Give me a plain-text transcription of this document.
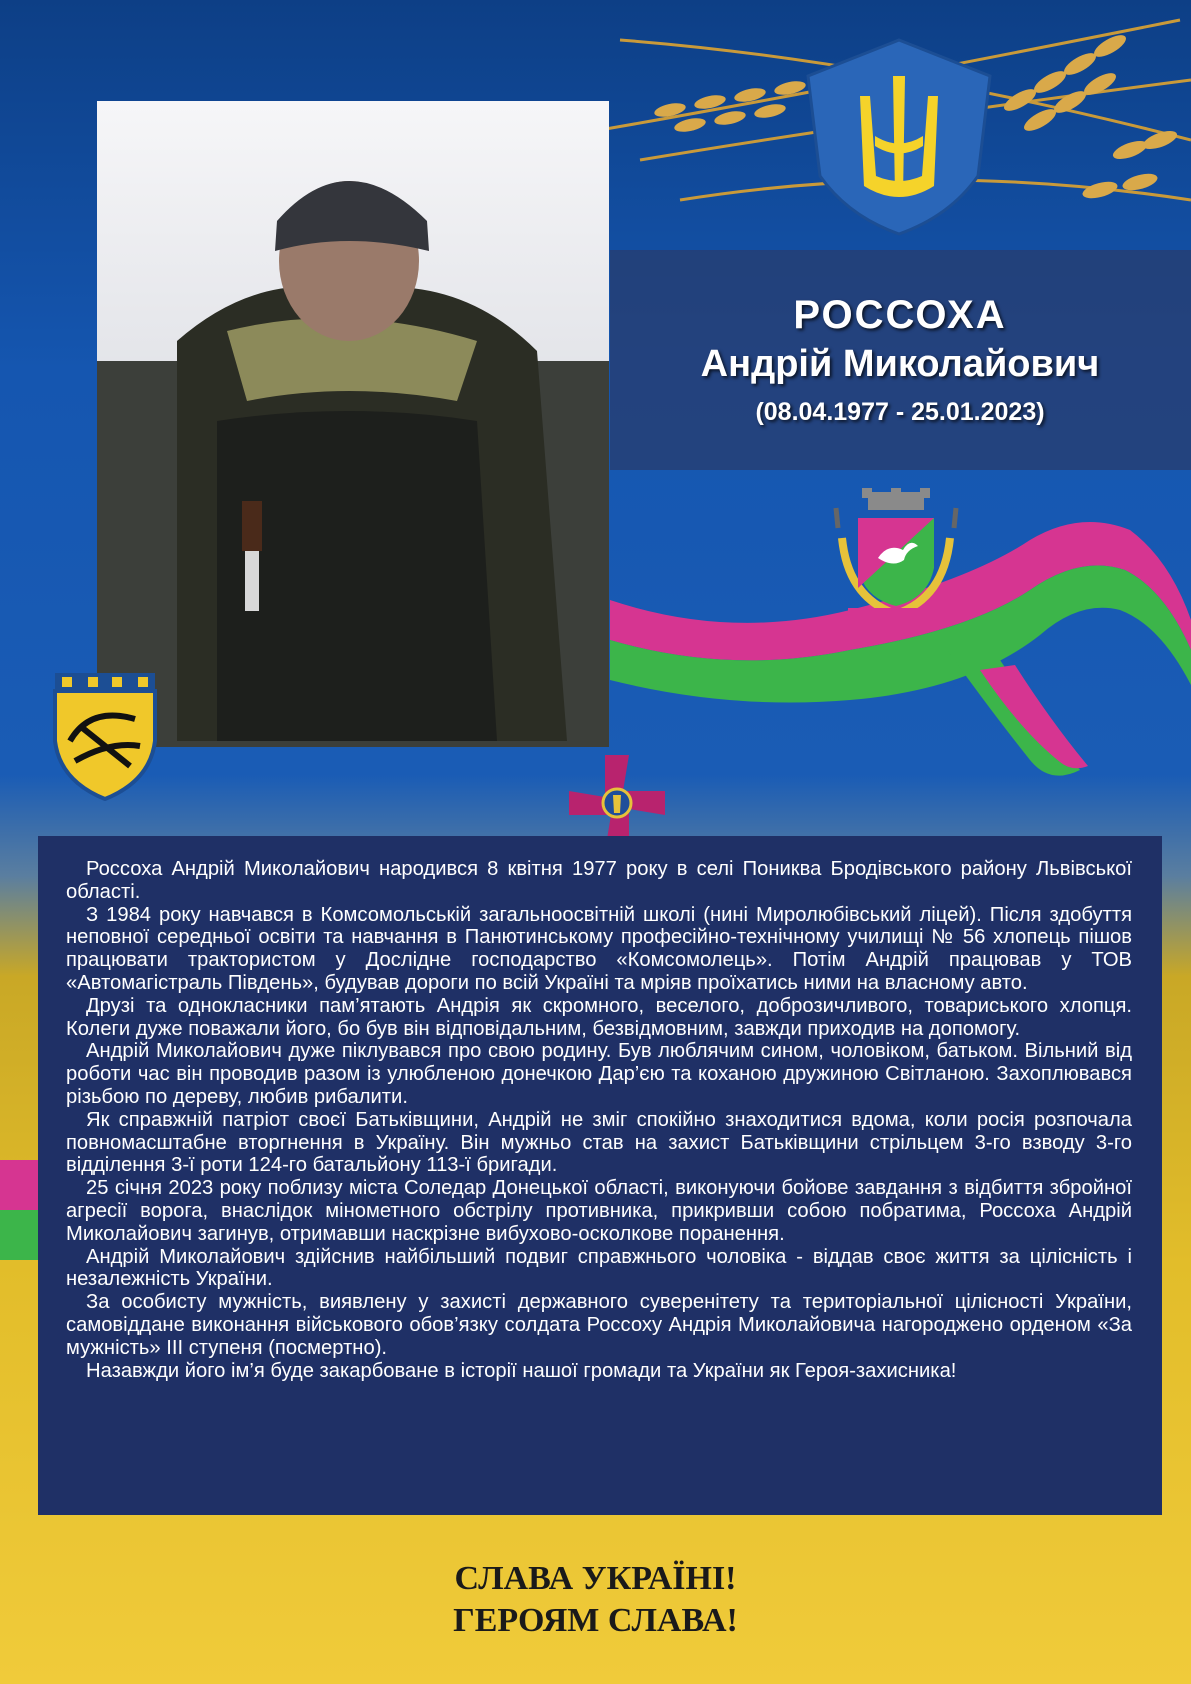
РОССОХА
Андрій Миколайович
(08.04.1977 - 25.01.2023)

Россоха Андрій Миколайович народився 8 квітня 1977 року в селі Пониква Бродівського району Львівської області.

З 1984 року навчався в Комсомольській загальноосвітній школі (нині Миролюбівський ліцей). Після здобуття неповної середньої освіти та навчання в Панютинському професійно-технічному училищі № 56 хлопець пішов працювати трактористом у Дослідне господарство «Комсомолець». Потім Андрій працював у ТОВ «Автомагістраль Південь», будував дороги по всій Україні та мріяв проїхатись ними на власному авто.

Друзі та однокласники пам’ятають Андрія як скромного, веселого, доброзичливого, товариського хлопця. Колеги дуже поважали його, бо був він відповідальним, безвідмовним, завжди приходив на допомогу.

Андрій Миколайович дуже піклувався про свою родину. Був люблячим сином, чоловіком, батьком. Вільний від роботи час він проводив разом із улюбленою донечкою Дар’єю та коханою дружиною Світланою. Захоплювався різьбою по дереву, любив рибалити.

Як справжній патріот своєї Батьківщини, Андрій не зміг спокійно знаходитися вдома, коли росія розпочала повномасштабне вторгнення в Україну. Він мужньо став на захист Батьківщини стрільцем 3-го взводу 3-го відділення 3-ї роти 124-го батальйону 113-ї бригади.

25 січня 2023 року поблизу міста Соледар Донецької області, виконуючи бойове завдання з відбиття збройної агресії ворога, внаслідок мінометного обстрілу противника, прикривши собою побратима, Россоха Андрій Миколайович загинув, отримавши наскрізне вибухово-осколкове поранення.

Андрій Миколайович здійснив найбільший подвиг справжнього чоловіка - віддав своє життя за цілісність і незалежність України.

За особисту мужність, виявлену у захисті державного суверенітету та територіальної цілісності України, самовіддане виконання військового обов’язку солдата Россоху Андрія Миколайовича нагороджено орденом «За мужність» III ступеня (посмертно).

Назавжди його ім’я буде закарбоване в історії нашої громади та України як Героя-захисника!

СЛАВА УКРАЇНІ!
ГЕРОЯМ СЛАВА!
